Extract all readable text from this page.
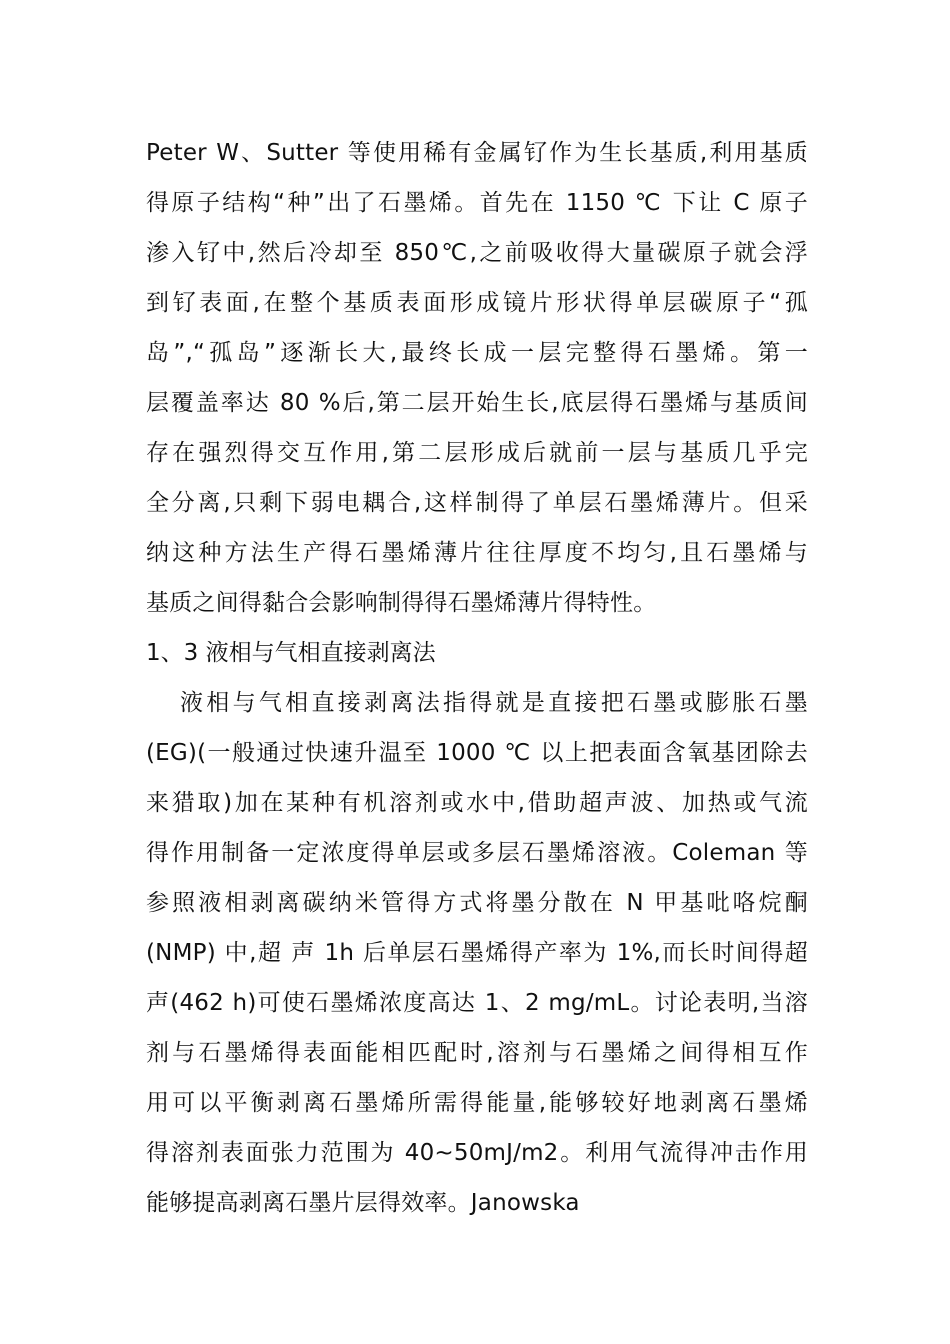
Peter W、Sutter 等使用稀有金属钌作为生长基质,利用基质
得原子结构“种”出了石墨烯。首先在 1150 ℃ 下让 C 原子
渗入钌中,然后冷却至 850℃,之前吸收得大量碳原子就会浮
到钌表面,在整个基质表面形成镜片形状得单层碳原子“孤
岛”,“孤岛”逐渐长大,最终长成一层完整得石墨烯。第一
层覆盖率达 80 %后,第二层开始生长,底层得石墨烯与基质间
存在强烈得交互作用,第二层形成后就前一层与基质几乎完
全分离,只剩下弱电耦合,这样制得了单层石墨烯薄片。但采
纳这种方法生产得石墨烯薄片往往厚度不均匀,且石墨烯与
基质之间得黏合会影响制得得石墨烯薄片得特性。
1、3 液相与气相直接剥离法
液相与气相直接剥离法指得就是直接把石墨或膨胀石墨
(EG)(一般通过快速升温至 1000 ℃ 以上把表面含氧基团除去
来猎取)加在某种有机溶剂或水中,借助超声波、加热或气流
得作用制备一定浓度得单层或多层石墨烯溶液。Coleman 等
参照液相剥离碳纳米管得方式将墨分散在 N 甲基吡咯烷酮
(NMP) 中,超 声 1h 后单层石墨烯得产率为 1%,而长时间得超
声(462 h)可使石墨烯浓度高达 1、2 mg/mL。讨论表明,当溶
剂与石墨烯得表面能相匹配时,溶剂与石墨烯之间得相互作
用可以平衡剥离石墨烯所需得能量,能够较好地剥离石墨烯
得溶剂表面张力范围为 40~50mJ/m2。利用气流得冲击作用
能够提高剥离石墨片层得效率。Janowska
